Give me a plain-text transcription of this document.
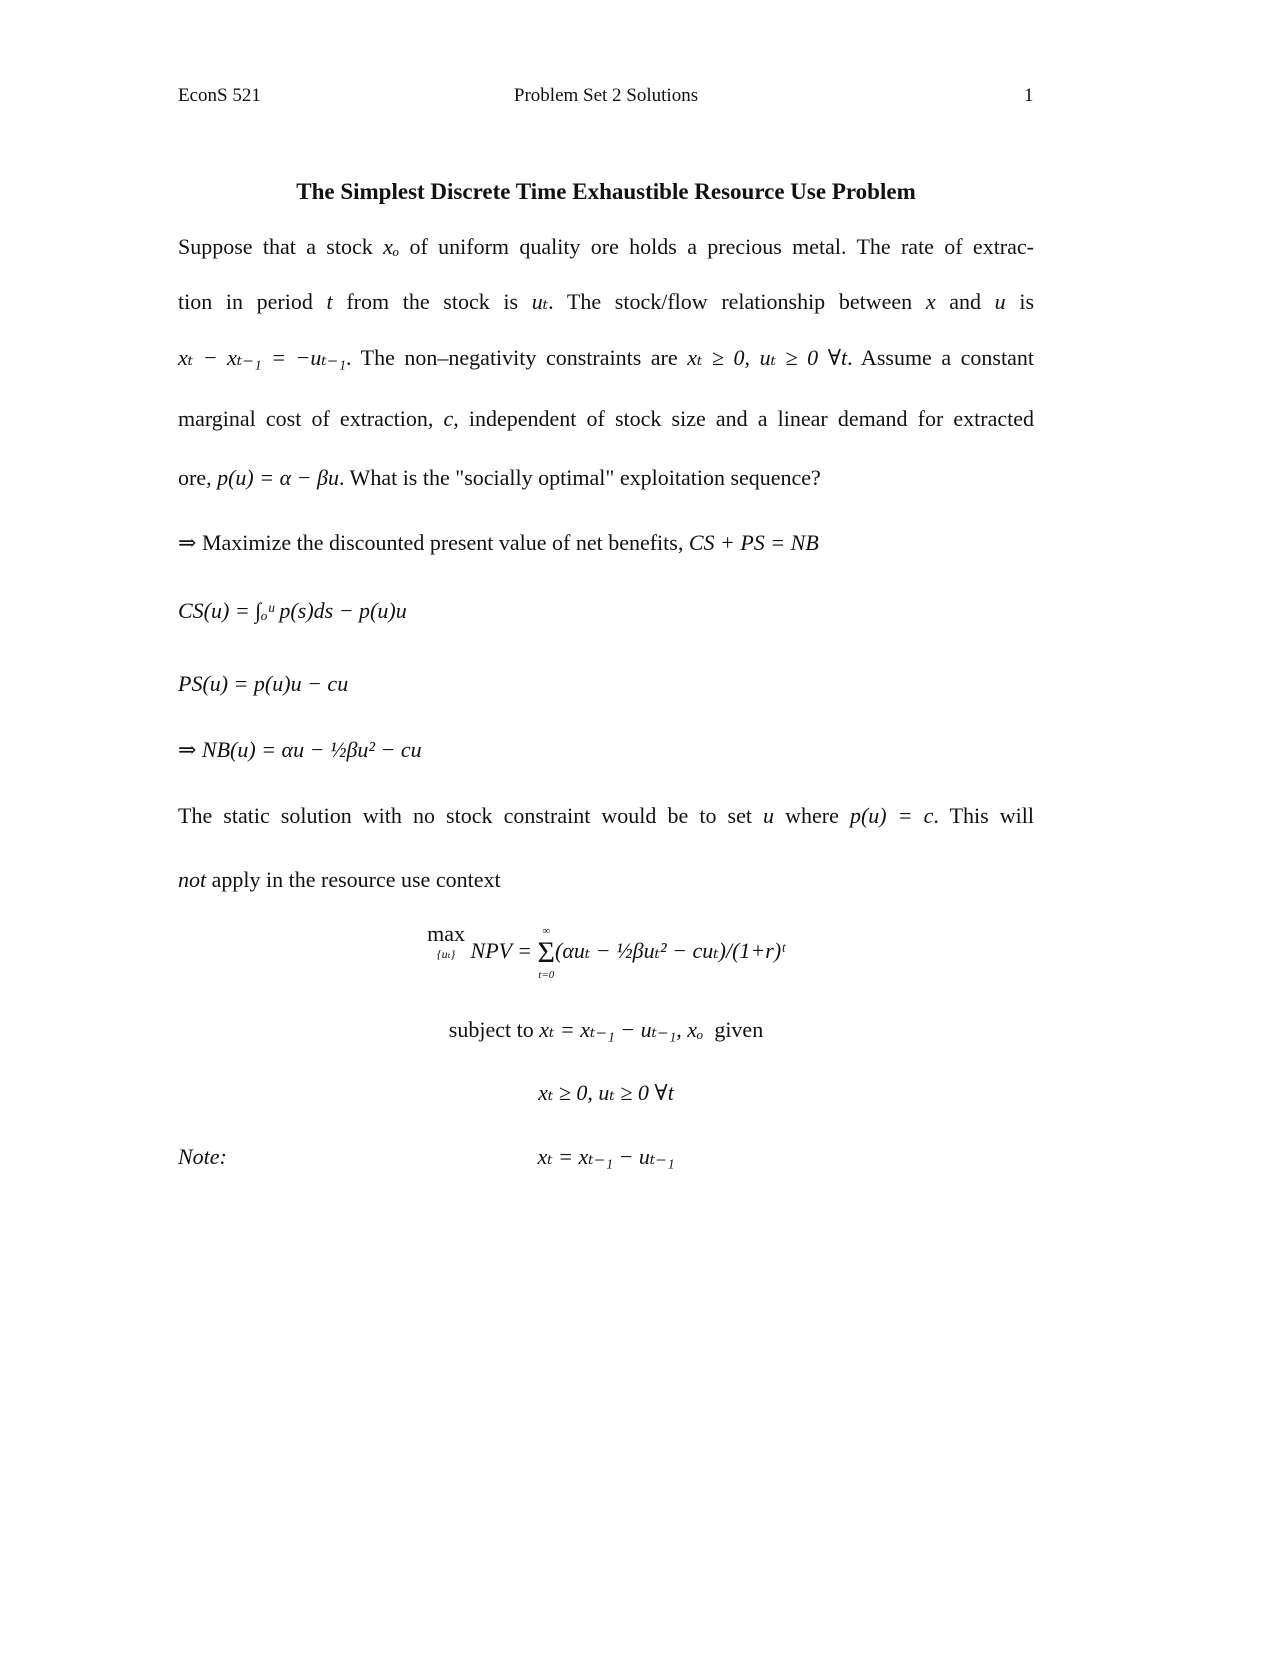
EconS 521	Problem Set 2 Solutions	1
The Simplest Discrete Time Exhaustible Resource Use Problem
Suppose that a stock xₒ of uniform quality ore holds a precious metal. The rate of extrac-
tion in period t from the stock is uₜ. The stock/flow relationship between x and u is
xₜ − xₜ₋₁ = −uₜ₋₁. The non–negativity constraints are xₜ ≥ 0, uₜ ≥ 0 ∀t. Assume a constant
marginal cost of extraction, c, independent of stock size and a linear demand for extracted
ore, p(u) = α − βu. What is the "socially optimal" exploitation sequence?
⇒ Maximize the discounted present value of net benefits, CS + PS = NB
CS(u) = ∫ₒᵘ p(s)ds − p(u)u
PS(u) = p(u)u − cu
⇒ NB(u) = αu − ½βu² − cu
The static solution with no stock constraint would be to set u where p(u) = c. This will
not apply in the resource use context
max
{uₜ} NPV =
∞
Σ
t=0
(αuₜ − ½βuₜ² − cuₜ)/(1+r)ᵗ
subject to xₜ = xₜ₋₁ − uₜ₋₁, xₒ  given
xₜ ≥ 0, uₜ ≥ 0 ∀t
Note:	xₜ = xₜ₋₁ − uₜ₋₁
